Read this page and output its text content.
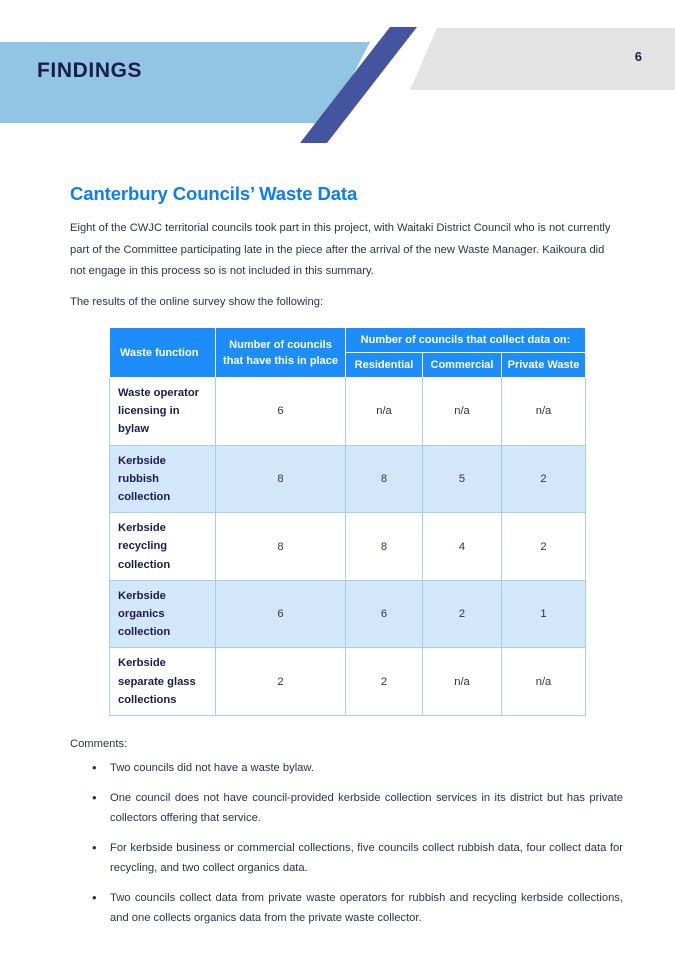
FINDINGS
6
Canterbury Councils’ Waste Data

Eight of the CWJC territorial councils took part in this project, with Waitaki District Council who is not currently part of the Committee participating late in the piece after the arrival of the new Waste Manager. Kaikoura did not engage in this process so is not included in this summary.

The results of the online survey show the following:

Waste function	Number of councils that have this in place	Number of councils that collect data on:		
		Residential	Commercial	Private Waste
Waste operator licensing in bylaw	6	n/a	n/a	n/a
Kerbside rubbish collection	8	8	5	2
Kerbside recycling collection	8	8	4	2
Kerbside organics collection	6	6	2	1
Kerbside separate glass collections	2	2	n/a	n/a
Comments:
• Two councils did not have a waste bylaw.
• One council does not have council-provided kerbside collection services in its district but has private collectors offering that service.
• For kerbside business or commercial collections, five councils collect rubbish data, four collect data for recycling, and two collect organics data.
• Two councils collect data from private waste operators for rubbish and recycling kerbside collections, and one collects organics data from the private waste collector.
